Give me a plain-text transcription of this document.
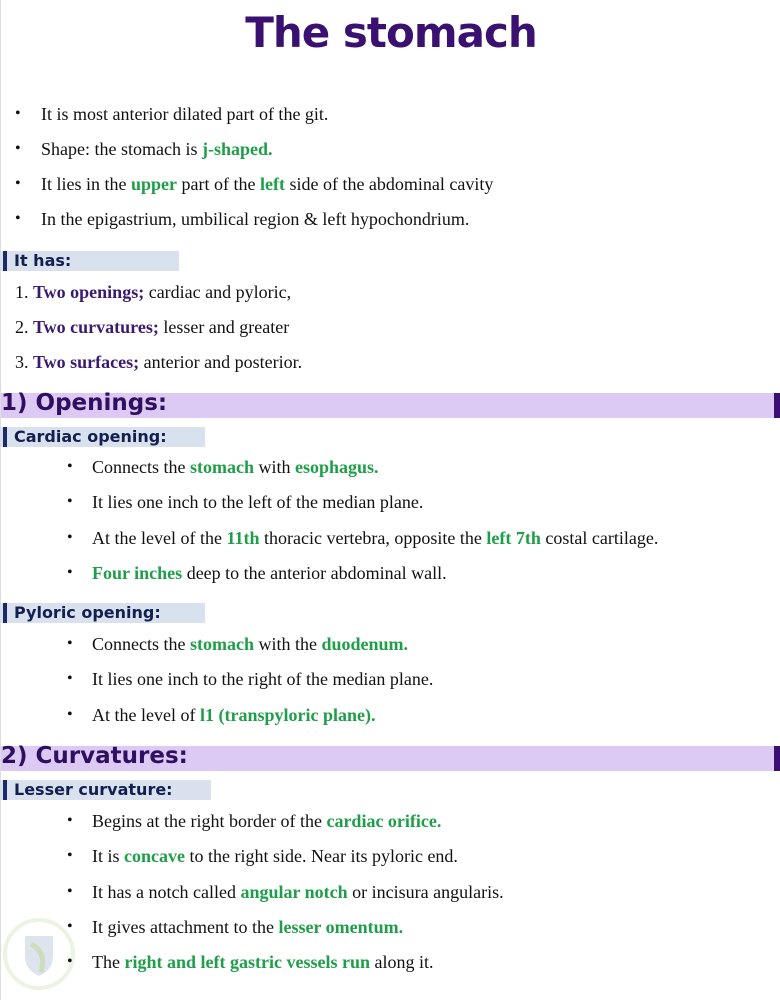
The stomach
• It is most anterior dilated part of the git.
• Shape: the stomach is j-shaped.
• It lies in the upper part of the left side of the abdominal cavity
• In the epigastrium, umbilical region & left hypochondrium.
It has:
1. Two openings; cardiac and pyloric,
2. Two curvatures; lesser and greater
3. Two surfaces; anterior and posterior.
1) Openings:
Cardiac opening:
• Connects the stomach with esophagus.
• It lies one inch to the left of the median plane.
• At the level of the 11th thoracic vertebra, opposite the left 7th costal cartilage.
• Four inches deep to the anterior abdominal wall.
Pyloric opening:
• Connects the stomach with the duodenum.
• It lies one inch to the right of the median plane.
• At the level of l1 (transpyloric plane).
2) Curvatures:
Lesser curvature:
• Begins at the right border of the cardiac orifice.
• It is concave to the right side. Near its pyloric end.
• It has a notch called angular notch or incisura angularis.
• It gives attachment to the lesser omentum.
• The right and left gastric vessels run along it.
